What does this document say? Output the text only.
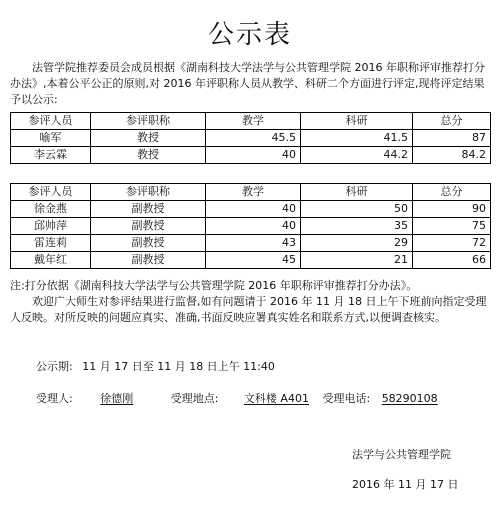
公示表
法管学院推荐委员会成员根据《湖南科技大学法学与公共管理学院 2016 年职称评审推荐打分办法》,本着公平公正的原则,对 2016 年评职称人员从教学、科研二个方面进行评定,现将评定结果予以公示:
参评人员	参评职称	教学	科研	总分
喻军	教授	45.5	41.5	87
李云霖	教授	40	44.2	84.2
参评人员	参评职称	教学	科研	总分
徐金燕	副教授	40	50	90
邱帅萍	副教授	40	35	75
雷连莉	副教授	43	29	72
戴年红	副教授	45	21	66
注:打分依据《湖南科技大学法学与公共管理学院 2016 年职称评审推荐打分办法》。
欢迎广大师生对参评结果进行监督,如有问题请于 2016 年 11 月 18 日上午下班前向指定受理人反映。对所反映的问题应真实、准确,书面反映应署真实姓名和联系方式,以便调查核实。
公示期: 11 月 17 日至 11 月 18 日上午 11:40
受理人:	徐德刚	受理地点: 文科楼 A401 受理电话: 58290108
法学与公共管理学院
2016 年 11 月 17 日
